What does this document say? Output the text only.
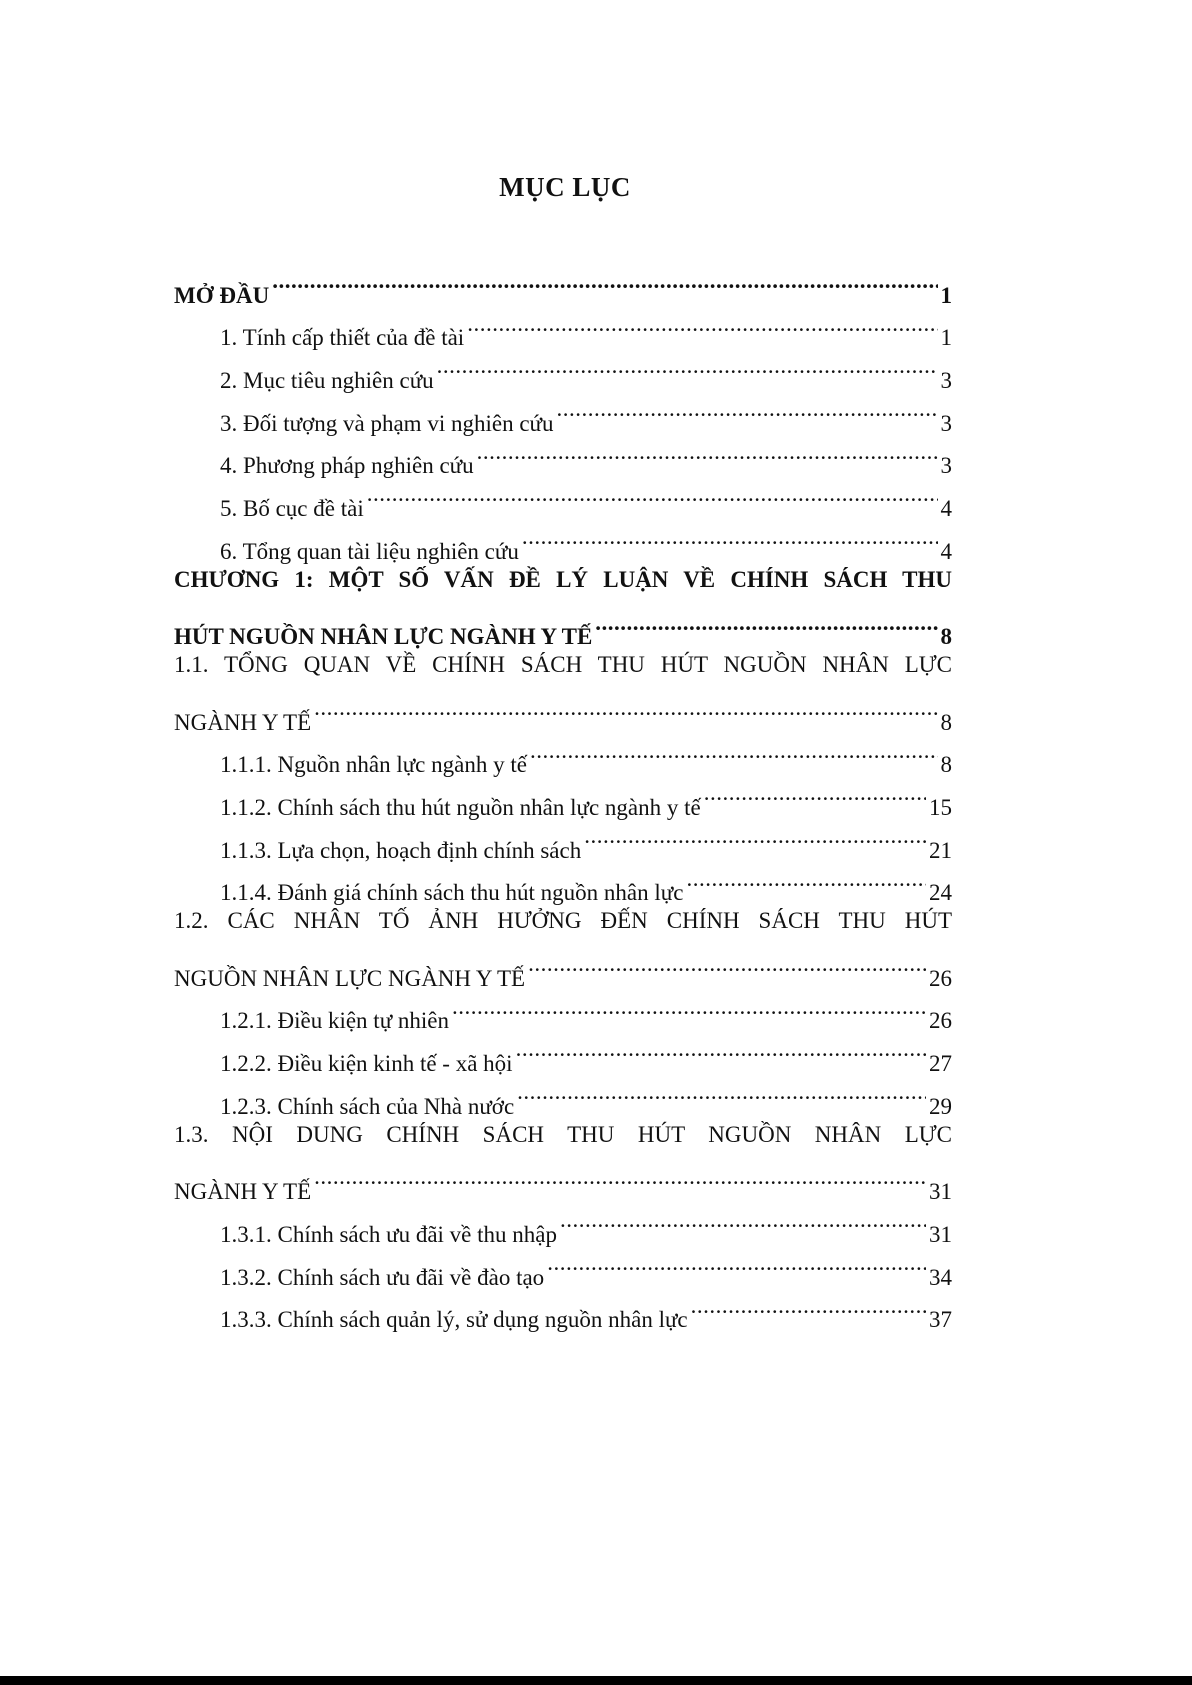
MỤC LỤC
MỞ ĐẦU .....	1
1. Tính cấp thiết của đề tài .....	1
2. Mục tiêu nghiên cứu .....	3
3. Đối tượng và phạm vi nghiên cứu .....	3
4. Phương pháp nghiên cứu .....	3
5. Bố cục đề tài .....	4
6. Tổng quan tài liệu nghiên cứu .....	4
CHƯƠNG 1: MỘT SỐ VẤN ĐỀ LÝ LUẬN VỀ CHÍNH SÁCH THU
HÚT NGUỒN NHÂN LỰC NGÀNH Y TẾ .....	8
1.1. TỔNG QUAN VỀ CHÍNH SÁCH THU HÚT NGUỒN NHÂN LỰC
NGÀNH Y TẾ .....	8
1.1.1. Nguồn nhân lực ngành y tế .....	8
1.1.2. Chính sách thu hút nguồn nhân lực ngành y tế .....	15
1.1.3. Lựa chọn, hoạch định chính sách .....	21
1.1.4. Đánh giá chính sách thu hút nguồn nhân lực .....	24
1.2. CÁC NHÂN TỐ ẢNH HƯỞNG ĐẾN CHÍNH SÁCH THU HÚT
NGUỒN NHÂN LỰC NGÀNH Y TẾ .....	26
1.2.1. Điều kiện tự nhiên .....	26
1.2.2. Điều kiện kinh tế - xã hội .....	27
1.2.3. Chính sách của Nhà nước .....	29
1.3. NỘI DUNG CHÍNH SÁCH THU HÚT NGUỒN NHÂN LỰC
NGÀNH Y TẾ .....	31
1.3.1. Chính sách ưu đãi về thu nhập .....	31
1.3.2. Chính sách ưu đãi về đào tạo .....	34
1.3.3. Chính sách quản lý, sử dụng nguồn nhân lực .....	37
